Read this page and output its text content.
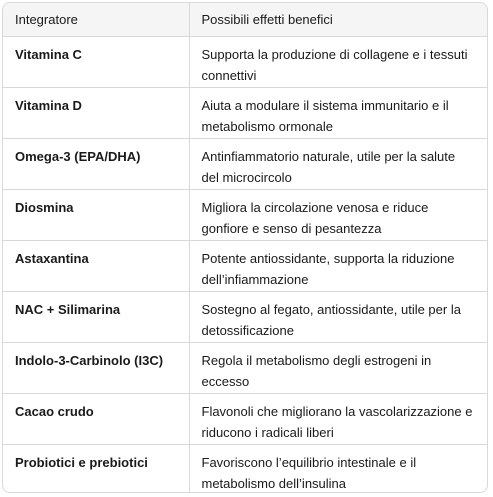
Integratore	Possibili effetti benefici
Vitamina C	Supporta la produzione di collagene e i tessuti connettivi
Vitamina D	Aiuta a modulare il sistema immunitario e il metabolismo ormonale
Omega-3 (EPA/DHA)	Antinfiammatorio naturale, utile per la salute del microcircolo
Diosmina	Migliora la circolazione venosa e riduce gonfiore e senso di pesantezza
Astaxantina	Potente antiossidante, supporta la riduzione dell’infiammazione
NAC + Silimarina	Sostegno al fegato, antiossidante, utile per la detossificazione
Indolo-3-Carbinolo (I3C)	Regola il metabolismo degli estrogeni in eccesso
Cacao crudo	Flavonoli che migliorano la vascolarizzazione e riducono i radicali liberi
Probiotici e prebiotici	Favoriscono l’equilibrio intestinale e il metabolismo dell’insulina
